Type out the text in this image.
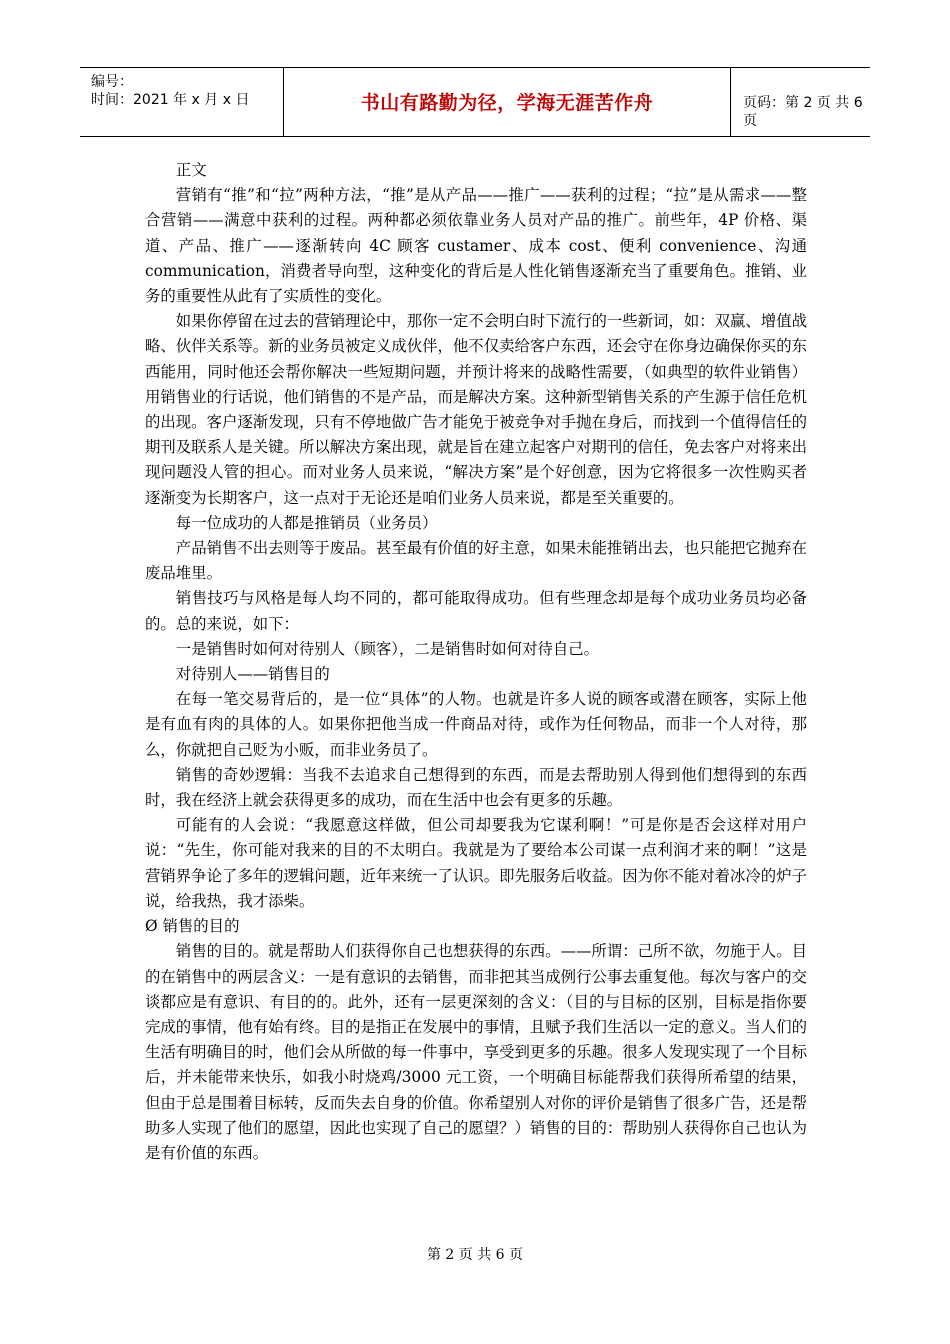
编号：
时间：2021 年 x 月 x 日	书山有路勤为径，学海无涯苦作舟	页码：第 2 页 共 6 页

正文

营销有“推”和“拉”两种方法，“推”是从产品——推广——获利的过程；“拉”是从需求——整合营销——满意中获利的过程。两种都必须依靠业务人员对产品的推广。前些年，4P 价格、渠道、产品、推广——逐渐转向 4C 顾客 custamer、成本 cost、便利 convenience、沟通 communication，消费者导向型，这种变化的背后是人性化销售逐渐充当了重要角色。推销、业务的重要性从此有了实质性的变化。

如果你停留在过去的营销理论中，那你一定不会明白时下流行的一些新词，如：双赢、增值战略、伙伴关系等。新的业务员被定义成伙伴，他不仅卖给客户东西，还会守在你身边确保你买的东西能用，同时他还会帮你解决一些短期问题，并预计将来的战略性需要，（如典型的软件业销售）用销售业的行话说，他们销售的不是产品，而是解决方案。这种新型销售关系的产生源于信任危机的出现。客户逐渐发现，只有不停地做广告才能免于被竞争对手抛在身后，而找到一个值得信任的期刊及联系人是关键。所以解决方案出现，就是旨在建立起客户对期刊的信任，免去客户对将来出现问题没人管的担心。而对业务人员来说，“解决方案”是个好创意，因为它将很多一次性购买者逐渐变为长期客户，这一点对于无论还是咱们业务人员来说，都是至关重要的。

每一位成功的人都是推销员（业务员）

产品销售不出去则等于废品。甚至最有价值的好主意，如果未能推销出去，也只能把它抛弃在废品堆里。

销售技巧与风格是每人均不同的，都可能取得成功。但有些理念却是每个成功业务员均必备的。总的来说，如下：

一是销售时如何对待别人（顾客），二是销售时如何对待自己。

对待别人——销售目的

在每一笔交易背后的，是一位“具体”的人物。也就是许多人说的顾客或潜在顾客，实际上他是有血有肉的具体的人。如果你把他当成一件商品对待，或作为任何物品，而非一个人对待，那么，你就把自己贬为小贩，而非业务员了。

销售的奇妙逻辑：当我不去追求自己想得到的东西，而是去帮助别人得到他们想得到的东西时，我在经济上就会获得更多的成功，而在生活中也会有更多的乐趣。

可能有的人会说：“我愿意这样做，但公司却要我为它谋利啊！”可是你是否会这样对用户说：“先生，你可能对我来的目的不太明白。我就是为了要给本公司谋一点利润才来的啊！”这是营销界争论了多年的逻辑问题，近年来统一了认识。即先服务后收益。因为你不能对着冰冷的炉子说，给我热，我才添柴。

Ø 销售的目的

销售的目的。就是帮助人们获得你自己也想获得的东西。——所谓：己所不欲，勿施于人。目的在销售中的两层含义：一是有意识的去销售，而非把其当成例行公事去重复他。每次与客户的交谈都应是有意识、有目的的。此外，还有一层更深刻的含义：（目的与目标的区别，目标是指你要完成的事情，他有始有终。目的是指正在发展中的事情，且赋予我们生活以一定的意义。当人们的生活有明确目的时，他们会从所做的每一件事中，享受到更多的乐趣。很多人发现实现了一个目标后，并未能带来快乐，如我小时烧鸡/3000 元工资，一个明确目标能帮我们获得所希望的结果，但由于总是围着目标转，反而失去自身的价值。你希望别人对你的评价是销售了很多广告，还是帮助多人实现了他们的愿望，因此也实现了自己的愿望？）销售的目的：帮助别人获得你自己也认为是有价值的东西。

第 2 页 共 6 页
